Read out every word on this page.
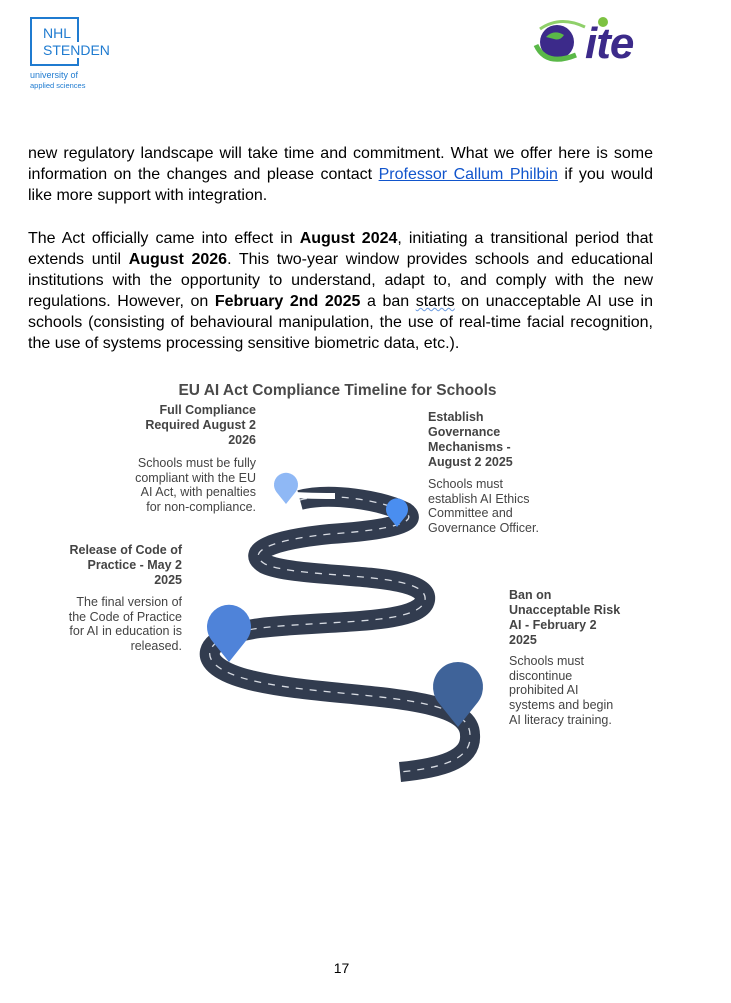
NHL
STENDEN
university of
applied sciences
ite
new regulatory landscape will take time and commitment. What we offer here is some information on the changes and please contact Professor Callum Philbin if you would like more support with integration.
The Act officially came into effect in August 2024, initiating a transitional period that extends until August 2026. This two-year window provides schools and educational institutions with the opportunity to understand, adapt to, and comply with the new regulations. However, on February 2nd 2025 a ban starts on unacceptable AI use in schools (consisting of behavioural manipulation, the use of real-time facial recognition, the use of systems processing sensitive biometric data, etc.).
EU AI Act Compliance Timeline for Schools
Full Compliance Required August 2 2026
Schools must be fully compliant with the EU AI Act, with penalties for non-compliance.
Establish Governance Mechanisms - August 2 2025
Schools must establish AI Ethics Committee and Governance Officer.
Release of Code of Practice - May 2 2025
The final version of the Code of Practice for AI in education is released.
Ban on Unacceptable Risk AI - February 2 2025
Schools must discontinue prohibited AI systems and begin AI literacy training.
17
